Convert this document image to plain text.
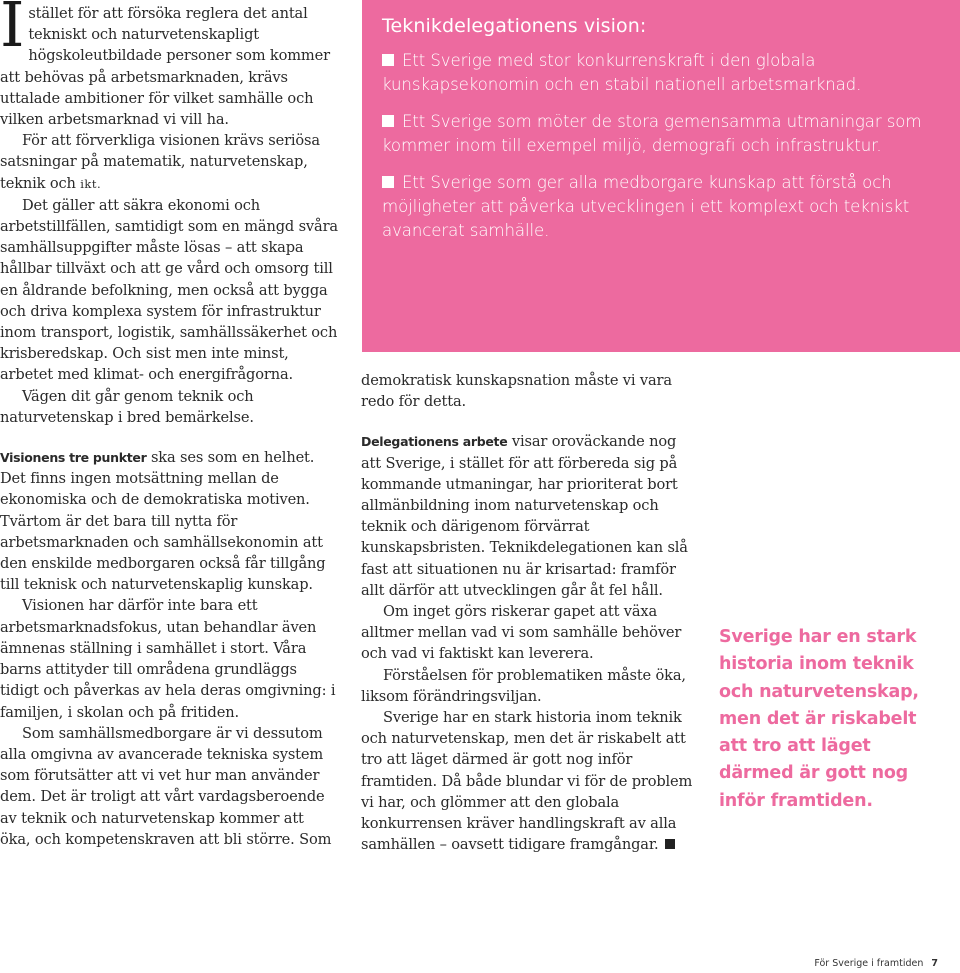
Istället för att försöka reglera det antal tekniskt och naturvetenskapligt högskoleutbildade personer som kommer att behövas på arbetsmarknaden, krävs uttalade ambitioner för vilket samhälle och vilken arbetsmarknad vi vill ha.

För att förverkliga visionen krävs seriösa satsningar på matematik, naturvetenskap, teknik och ikt.

Det gäller att säkra ekonomi och arbetstillfällen, samtidigt som en mängd svåra samhällsuppgifter måste lösas – att skapa hållbar tillväxt och att ge vård och omsorg till en åldrande befolkning, men också att bygga och driva komplexa system för infrastruktur inom transport, logistik, samhällssäkerhet och krisberedskap. Och sist men inte minst, arbetet med klimat- och energifrågorna.

Vägen dit går genom teknik och naturvetenskap i bred bemärkelse.

Visionens tre punkter ska ses som en helhet. Det finns ingen motsättning mellan de ekonomiska och de demokratiska motiven. Tvärtom är det bara till nytta för arbetsmarknaden och samhällsekonomin att den enskilde medborgaren också får tillgång till teknisk och naturvetenskaplig kunskap.

Visionen har därför inte bara ett arbetsmarknadsfokus, utan behandlar även ämnenas ställning i samhället i stort. Våra barns attityder till områdena grundläggs tidigt och påverkas av hela deras omgivning: i familjen, i skolan och på fritiden.

Som samhällsmedborgare är vi dessutom alla omgivna av avancerade tekniska system som förutsätter att vi vet hur man använder dem. Det är troligt att vårt vardagsberoende av teknik och naturvetenskap kommer att öka, och kompetenskraven att bli större. Som

Teknikdelegationens vision:

Ett Sverige med stor konkurrenskraft i den globala kunskapsekonomin och en stabil nationell arbetsmarknad.

Ett Sverige som möter de stora gemensamma utmaningar som kommer inom till exempel miljö, demografi och infrastruktur.

Ett Sverige som ger alla medborgare kunskap att förstå och möjligheter att påverka utvecklingen i ett komplext och tekniskt avancerat samhälle.

demokratisk kunskapsnation måste vi vara redo för detta.

Delegationens arbete visar oroväckande nog att Sverige, i stället för att förbereda sig på kommande utmaningar, har prioriterat bort allmänbildning inom naturvetenskap och teknik och därigenom förvärrat kunskapsbristen. Teknikdelegationen kan slå fast att situationen nu är krisartad: framför allt därför att utvecklingen går åt fel håll.

Om inget görs riskerar gapet att växa alltmer mellan vad vi som samhälle behöver och vad vi faktiskt kan leverera.

Förståelsen för problematiken måste öka, liksom förändringsviljan.

Sverige har en stark historia inom teknik och naturvetenskap, men det är riskabelt att tro att läget därmed är gott nog inför framtiden. Då både blundar vi för de problem vi har, och glömmer att den globala konkurrensen kräver handlingskraft av alla samhällen – oavsett tidigare framgångar.

Sverige har en stark historia inom teknik och naturvetenskap, men det är riskabelt att tro att läget därmed är gott nog inför framtiden.
För Sverige i framtiden 7
